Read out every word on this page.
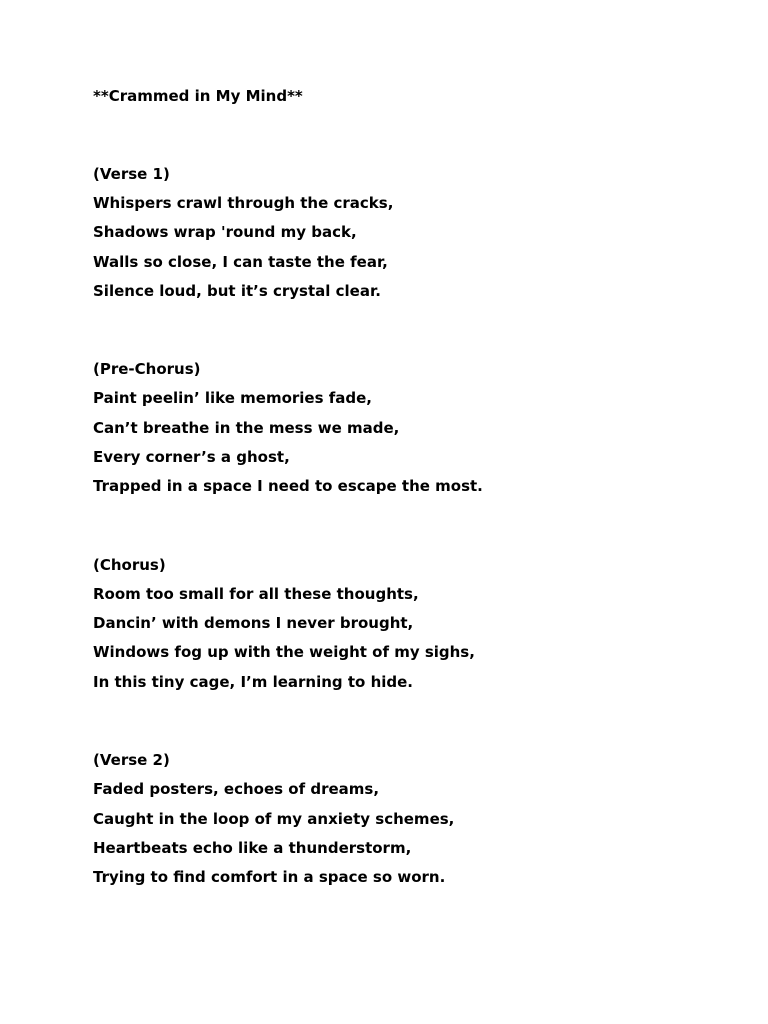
**Crammed in My Mind**
(Verse 1)
Whispers crawl through the cracks,
Shadows wrap 'round my back,
Walls so close, I can taste the fear,
Silence loud, but it’s crystal clear.
(Pre-Chorus)
Paint peelin’ like memories fade,
Can’t breathe in the mess we made,
Every corner’s a ghost,
Trapped in a space I need to escape the most.
(Chorus)
Room too small for all these thoughts,
Dancin’ with demons I never brought,
Windows fog up with the weight of my sighs,
In this tiny cage, I’m learning to hide.
(Verse 2)
Faded posters, echoes of dreams,
Caught in the loop of my anxiety schemes,
Heartbeats echo like a thunderstorm,
Trying to find comfort in a space so worn.
